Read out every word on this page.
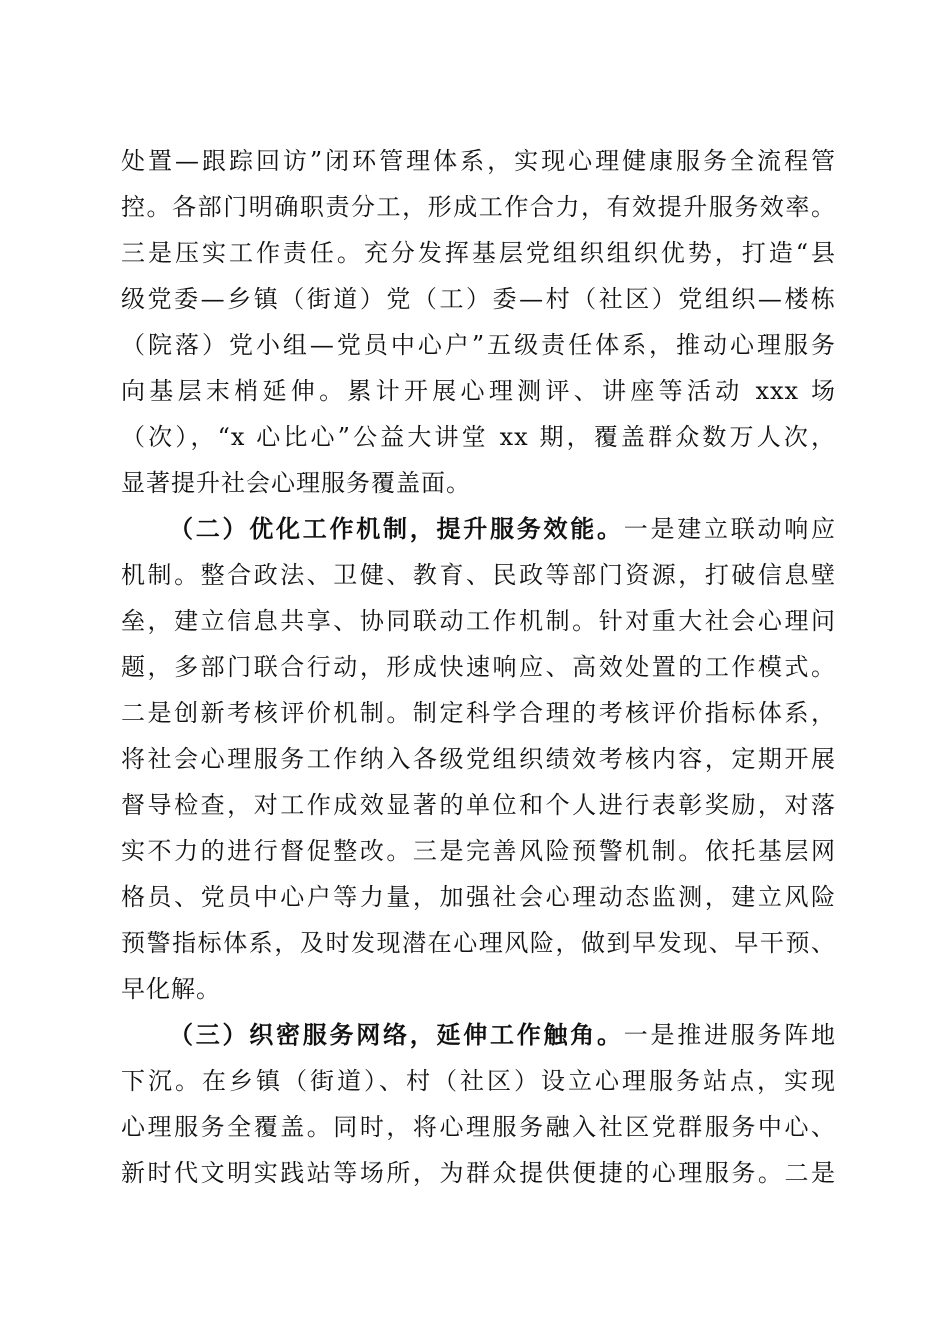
处置—跟踪回访”闭环管理体系，实现心理健康服务全流程管
控。各部门明确职责分工，形成工作合力，有效提升服务效率。
三是压实工作责任。充分发挥基层党组织组织优势，打造“县
级党委—乡镇（街道）党（工）委—村（社区）党组织—楼栋
（院落）党小组—党员中心户”五级责任体系，推动心理服务
向基层末梢延伸。累计开展心理测评、讲座等活动 xxx 场
（次），“x 心比心”公益大讲堂 xx 期，覆盖群众数万人次，
显著提升社会心理服务覆盖面。
（二）优化工作机制，提升服务效能。一是建立联动响应
机制。整合政法、卫健、教育、民政等部门资源，打破信息壁
垒，建立信息共享、协同联动工作机制。针对重大社会心理问
题，多部门联合行动，形成快速响应、高效处置的工作模式。
二是创新考核评价机制。制定科学合理的考核评价指标体系，
将社会心理服务工作纳入各级党组织绩效考核内容，定期开展
督导检查，对工作成效显著的单位和个人进行表彰奖励，对落
实不力的进行督促整改。三是完善风险预警机制。依托基层网
格员、党员中心户等力量，加强社会心理动态监测，建立风险
预警指标体系，及时发现潜在心理风险，做到早发现、早干预、
早化解。
（三）织密服务网络，延伸工作触角。一是推进服务阵地
下沉。在乡镇（街道）、村（社区）设立心理服务站点，实现
心理服务全覆盖。同时，将心理服务融入社区党群服务中心、
新时代文明实践站等场所，为群众提供便捷的心理服务。二是
